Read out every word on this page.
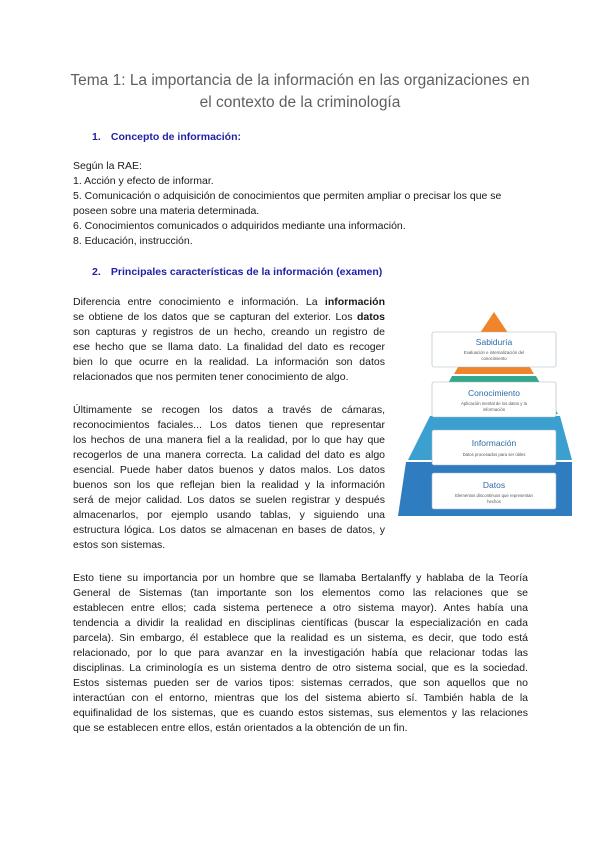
Tema 1: La importancia de la información en las organizaciones en
el contexto de la criminología
1. Concepto de información:
Según la RAE:
1. Acción y efecto de informar.
5. Comunicación o adquisición de conocimientos que permiten ampliar o precisar los que se
poseen sobre una materia determinada.
6. Conocimientos comunicados o adquiridos mediante una información.
8. Educación, instrucción.
2. Principales características de la información (examen)
Diferencia entre conocimiento e información. La información
se obtiene de los datos que se capturan del exterior. Los datos
son capturas y registros de un hecho, creando un registro de
ese hecho que se llama dato. La finalidad del dato es recoger
bien lo que ocurre en la realidad. La información son datos
relacionados que nos permiten tener conocimiento de algo.
Últimamente se recogen los datos a través de cámaras,
reconocimientos faciales... Los datos tienen que representar
los hechos de una manera fiel a la realidad, por lo que hay que
recogerlos de una manera correcta. La calidad del dato es algo
esencial. Puede haber datos buenos y datos malos. Los datos
buenos son los que reflejan bien la realidad y la información
será de mejor calidad. Los datos se suelen registrar y después
almacenarlos, por ejemplo usando tablas, y siguiendo una
estructura lógica. Los datos se almacenan en bases de datos, y
estos son sistemas.
Sabiduría
Evaluación e internalización del
conocimiento
Conocimiento
Aplicación mental de los datos y la
información
Información
Datos procesados para ser útiles
Datos
Elementos discontinuos que representan
hechos
Esto tiene su importancia por un hombre que se llamaba Bertalanffy y hablaba de la Teoría
General de Sistemas (tan importante son los elementos como las relaciones que se
establecen entre ellos; cada sistema pertenece a otro sistema mayor). Antes había una
tendencia a dividir la realidad en disciplinas científicas (buscar la especialización en cada
parcela). Sin embargo, él establece que la realidad es un sistema, es decir, que todo está
relacionado, por lo que para avanzar en la investigación había que relacionar todas las
disciplinas. La criminología es un sistema dentro de otro sistema social, que es la sociedad.
Estos sistemas pueden ser de varios tipos: sistemas cerrados, que son aquellos que no
interactúan con el entorno, mientras que los del sistema abierto sí. También habla de la
equifinalidad de los sistemas, que es cuando estos sistemas, sus elementos y las relaciones
que se establecen entre ellos, están orientados a la obtención de un fin.
